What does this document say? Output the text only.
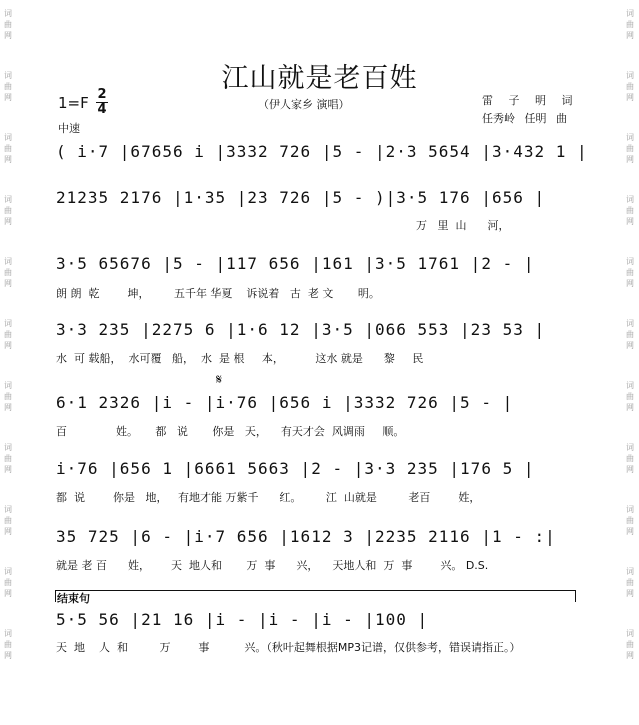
词
曲
网
词
曲
网
词
曲
网
词
曲
网
词
曲
网
词
曲
网
词
曲
网
词
曲
网
词
曲
网
词
曲
网
词
曲
网
词
曲
网
词
曲
网
词
曲
网
词
曲
网
词
曲
网
词
曲
网
词
曲
网
词
曲
网
词
曲
网
词
曲
网
词
曲
网
江山就是老百姓
1=F 2
4
中速
（伊人家乡 演唱）	雷 子 明 词
任秀岭 任明 曲
𝄋
结束句
( i·7 |67656 i |3332 726 |5 - |2·3 5654 |3·432 1 |
21235 2176 |1·35 |23 726 |5 - )|3·5 176 |656 |
万   里  山      河，
3·5 65676 |5 - |117 656 |161 |3·5 1761 |2 - |
朗 朗  乾        坤，       五千年 华夏    诉说着   古  老 文       明。
3·3 235 |2275 6 |1·6 12 |3·5 |066 553 |23 53 |
水  可 载船，  水可覆   船，  水  是 根     本，         这水 就是      黎     民
6·1 2326 |i - |i·76 |656 i |3332 726 |5 - |
百              姓。     都   说       你是   天，    有天才会  风调雨     顺。
i·76 |656 1 |6661 5663 |2 - |3·3 235 |176 5 |
都  说        你是   地，   有地才能 万紫千      红。       江  山就是         老百        姓，
35 725 |6 - |i·7 656 |1612 3 |2235 2116 |1 - :|
就是 老 百      姓，      天  地人和       万  事      兴，    天地人和  万  事        兴。 D.S.
5·5 56 |21 16 |i - |i - |i - |100 |
天  地    人  和         万        事          兴。（秋叶起舞根据MP3记谱，仅供参考，错误请指正。）
